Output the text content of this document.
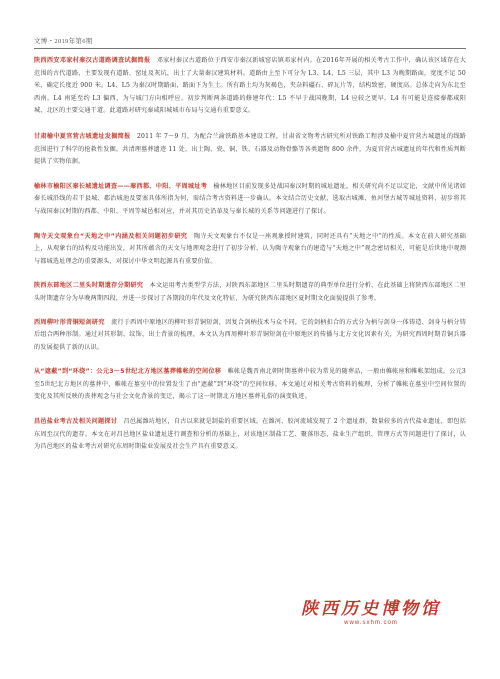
文博・2019年第6期

陕西西安邓家村秦汉古道路调查试掘简报　邓家村秦汉古道路位于西安市秦汉新城窑店镇邓家村内。在2016年开展的相关考古工作中，确认该区域存在大范围的古代道路，主要发现有道路、窑址及灰坑，出土了大量秦汉建筑材料。道路由上至下可分为 L3、L4、L5 三层，其中 L3 为晚期路面，宽度不足 50 米，确定长度近 900 米。L4、L5 为秦汉时期路面，路面下为生土。所有路土均为灰褐色，夹杂料礓石、碎瓦片等，结构致密，硬度高。总体走向为东北至西南。L4 南延至约 L3 偏西，为与城门方向相呼应。初步判断两条道路的修建年代：L5 不早于战国晚期，L4 应较之更早。L4 有可能是连接秦都咸阳城、北区的主要交通干道。此道路对研究秦咸阳城城市布局与交通有重要意义。

甘肃榆中夏官营古城遗址发掘简报　2011 年 7～9 月，为配合兰渝铁路基本建设工程，甘肃省文物考古研究所对铁路工程涉及榆中夏官营古城遗址的线路范围进行了科学的抢救性发掘。共清理墓葬遗迹 11 处，出土陶、瓷、铜、铁、石器及动物骨骼等各类遗物 800 余件，为夏官营古城遗址的年代和性质判断提供了实物依据。

榆林市榆阳区秦长城遗址调查——秦西都、中阳、平周城址考　榆林地区目前发现多处战国秦汉时期的城址遗址，相关研究尚不足以定论，文献中所见诸如秦长城沿线的若干县城、郡治城池及要塞具体所指为何，需结合考古资料进一步确认。本文结合历史文献，选取古城滩、鱼河堡古城等城址资料，初步将其与战国秦汉时期的西都、中阳、平周等城邑相对应，并对其历史沿革及与秦长城的关系等问题进行了探讨。

陶寺天文观象台“天地之中”内涵及相关问题初步研究　陶寺天文观象台不仅是一座观象授时建筑，同时还具有“天地之中”的性质。本文在前人研究基础上，从观象台的结构及功能出发，对其所蕴含的天文与地理观念进行了初步分析，认为陶寺观象台的建造与“天地之中”观念密切相关，可能是后世地中观测与都城选址理念的重要源头，对探讨中华文明起源具有重要价值。

陕西东部地区二里头时期遗存分期研究　本文运用考古类型学方法，对陕西东部地区二里头时期遗存的典型单位进行分析，在此基础上将陕西东部地区二里头时期遗存分为早晚两期四段，并进一步探讨了各期段的年代及文化特征，为研究陕西东部地区夏时期文化面貌提供了参考。

西周柳叶形青铜短剑研究　流行于西周中原地区的柳叶形青铜短剑，因复合剑柄技术与众不同，它的剑柄扣合的方式分为柄与剑身一体铸造、剑身与柄分铸后组合两种形制。通过对其形制、纹饰、出土背景的梳理，本文认为西周柳叶形青铜短剑在中原地区的传播与北方文化因素有关，为研究西周时期青铜兵器的发展提供了新的认识。

从“遮蔽”到“环绕”：公元3～5世纪北方地区墓葬帷帐的空间位移　帷帐是魏晋南北朝时期墓葬中较为常见的随葬品，一般由帷帐座和帷帐架组成。公元3至5世纪北方地区的墓葬中，帷帐在墓室中的位置发生了由“遮蔽”到“环绕”的空间位移。本文通过对相关考古资料的梳理，分析了帷帐在墓室中空间位置的变化及其所反映的丧葬观念与社会文化背景的变迁，揭示了这一时期北方地区墓葬礼俗的演变轨迹。

昌邑盐业考古及相关问题探讨　昌邑属潍坊地区，自古以来就是制盐的重要区域。在潍河、胶河流域发现了 2 个遗址群，数量较多的古代盐业遗址，即包括东周至汉代的遗存。本文在对昌邑地区盐业遗址进行调查和分析的基础上，对该地区制盐工艺、聚落形态、盐业生产组织、管理方式等问题进行了探讨，认为昌邑地区的盐业考古对研究东周时期盐业发展及社会生产具有重要意义。

陕西历史博物馆
www.sxhm.com
